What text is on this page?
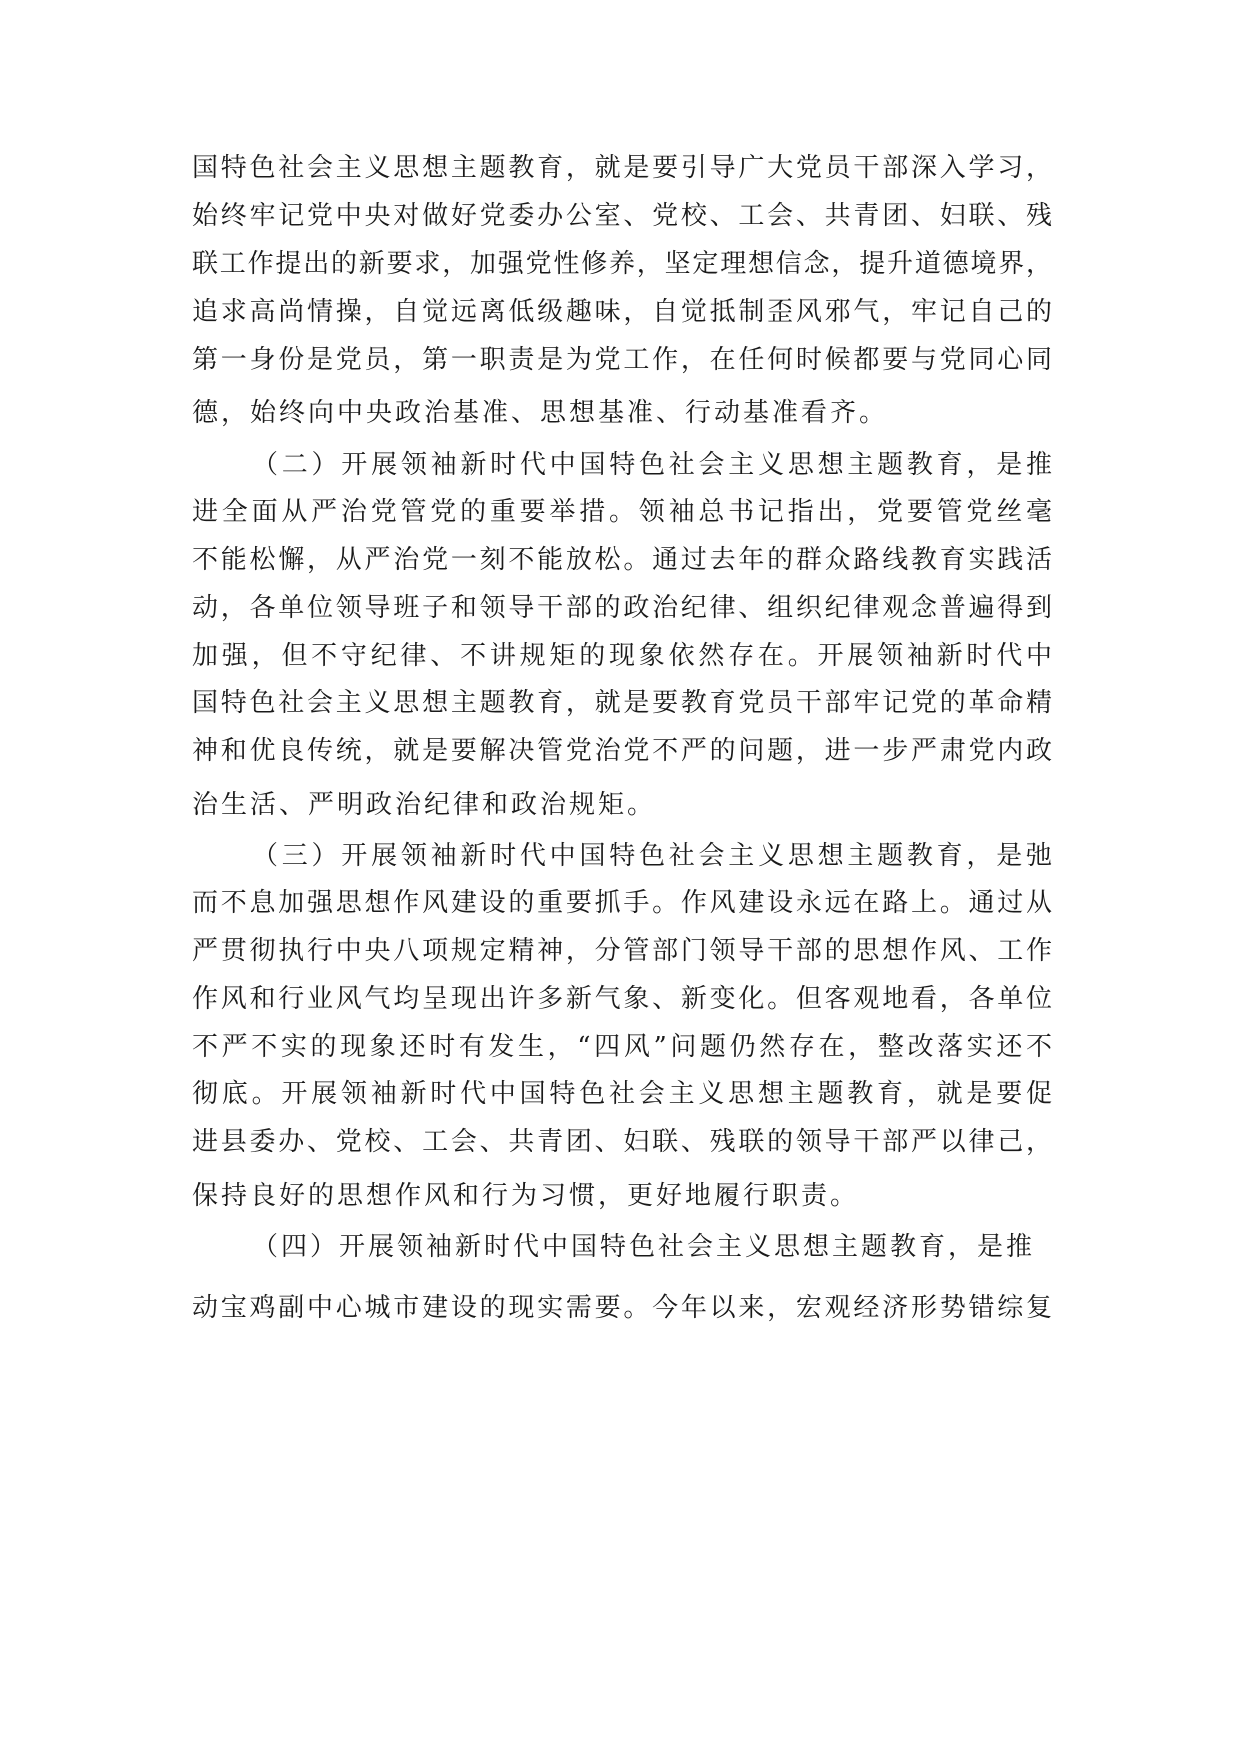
国特色社会主义思想主题教育，就是要引导广大党员干部深入学习，
始终牢记党中央对做好党委办公室、党校、工会、共青团、妇联、残
联工作提出的新要求，加强党性修养，坚定理想信念，提升道德境界，
追求高尚情操，自觉远离低级趣味，自觉抵制歪风邪气，牢记自己的
第一身份是党员，第一职责是为党工作，在任何时候都要与党同心同
德，始终向中央政治基准、思想基准、行动基准看齐。
（二）开展领袖新时代中国特色社会主义思想主题教育，是推
进全面从严治党管党的重要举措。领袖总书记指出，党要管党丝毫
不能松懈，从严治党一刻不能放松。通过去年的群众路线教育实践活
动，各单位领导班子和领导干部的政治纪律、组织纪律观念普遍得到
加强，但不守纪律、不讲规矩的现象依然存在。开展领袖新时代中
国特色社会主义思想主题教育，就是要教育党员干部牢记党的革命精
神和优良传统，就是要解决管党治党不严的问题，进一步严肃党内政
治生活、严明政治纪律和政治规矩。
（三）开展领袖新时代中国特色社会主义思想主题教育，是弛
而不息加强思想作风建设的重要抓手。作风建设永远在路上。通过从
严贯彻执行中央八项规定精神，分管部门领导干部的思想作风、工作
作风和行业风气均呈现出许多新气象、新变化。但客观地看，各单位
不严不实的现象还时有发生，“四风”问题仍然存在，整改落实还不
彻底。开展领袖新时代中国特色社会主义思想主题教育，就是要促
进县委办、党校、工会、共青团、妇联、残联的领导干部严以律己，
保持良好的思想作风和行为习惯，更好地履行职责。
（四）开展领袖新时代中国特色社会主义思想主题教育，是推
动宝鸡副中心城市建设的现实需要。今年以来，宏观经济形势错综复
